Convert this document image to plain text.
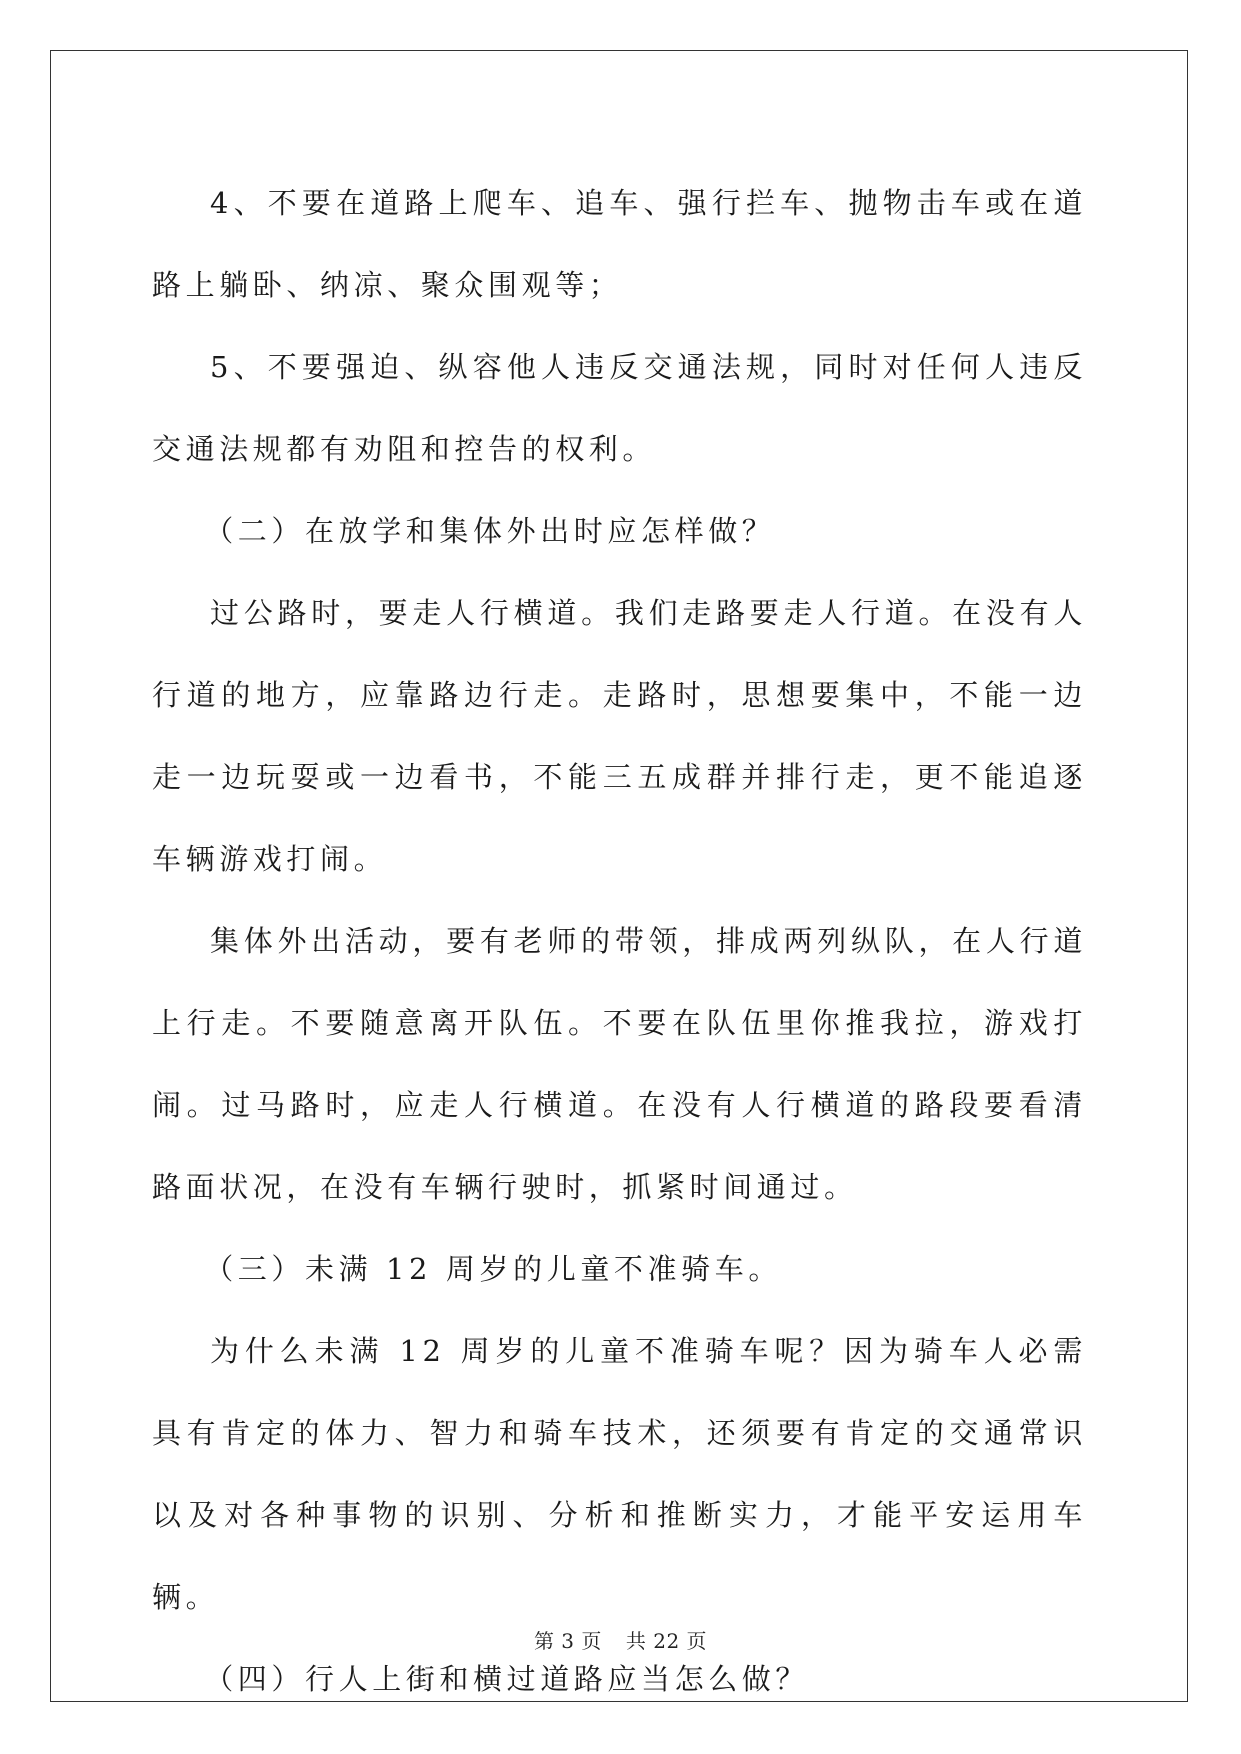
4、不要在道路上爬车、追车、强行拦车、抛物击车或在道路上躺卧、纳凉、聚众围观等；

5、不要强迫、纵容他人违反交通法规，同时对任何人违反交通法规都有劝阻和控告的权利。

（二）在放学和集体外出时应怎样做？

过公路时，要走人行横道。我们走路要走人行道。在没有人行道的地方，应靠路边行走。走路时，思想要集中，不能一边走一边玩耍或一边看书，不能三五成群并排行走，更不能追逐车辆游戏打闹。

集体外出活动，要有老师的带领，排成两列纵队，在人行道上行走。不要随意离开队伍。不要在队伍里你推我拉，游戏打闹。过马路时，应走人行横道。在没有人行横道的路段要看清路面状况，在没有车辆行驶时，抓紧时间通过。

（三）未满 12 周岁的儿童不准骑车。

为什么未满 12 周岁的儿童不准骑车呢？因为骑车人必需具有肯定的体力、智力和骑车技术，还须要有肯定的交通常识以及对各种事物的识别、分析和推断实力，才能平安运用车辆。

（四）行人上街和横过道路应当怎么做？

第 3 页 共 22 页
